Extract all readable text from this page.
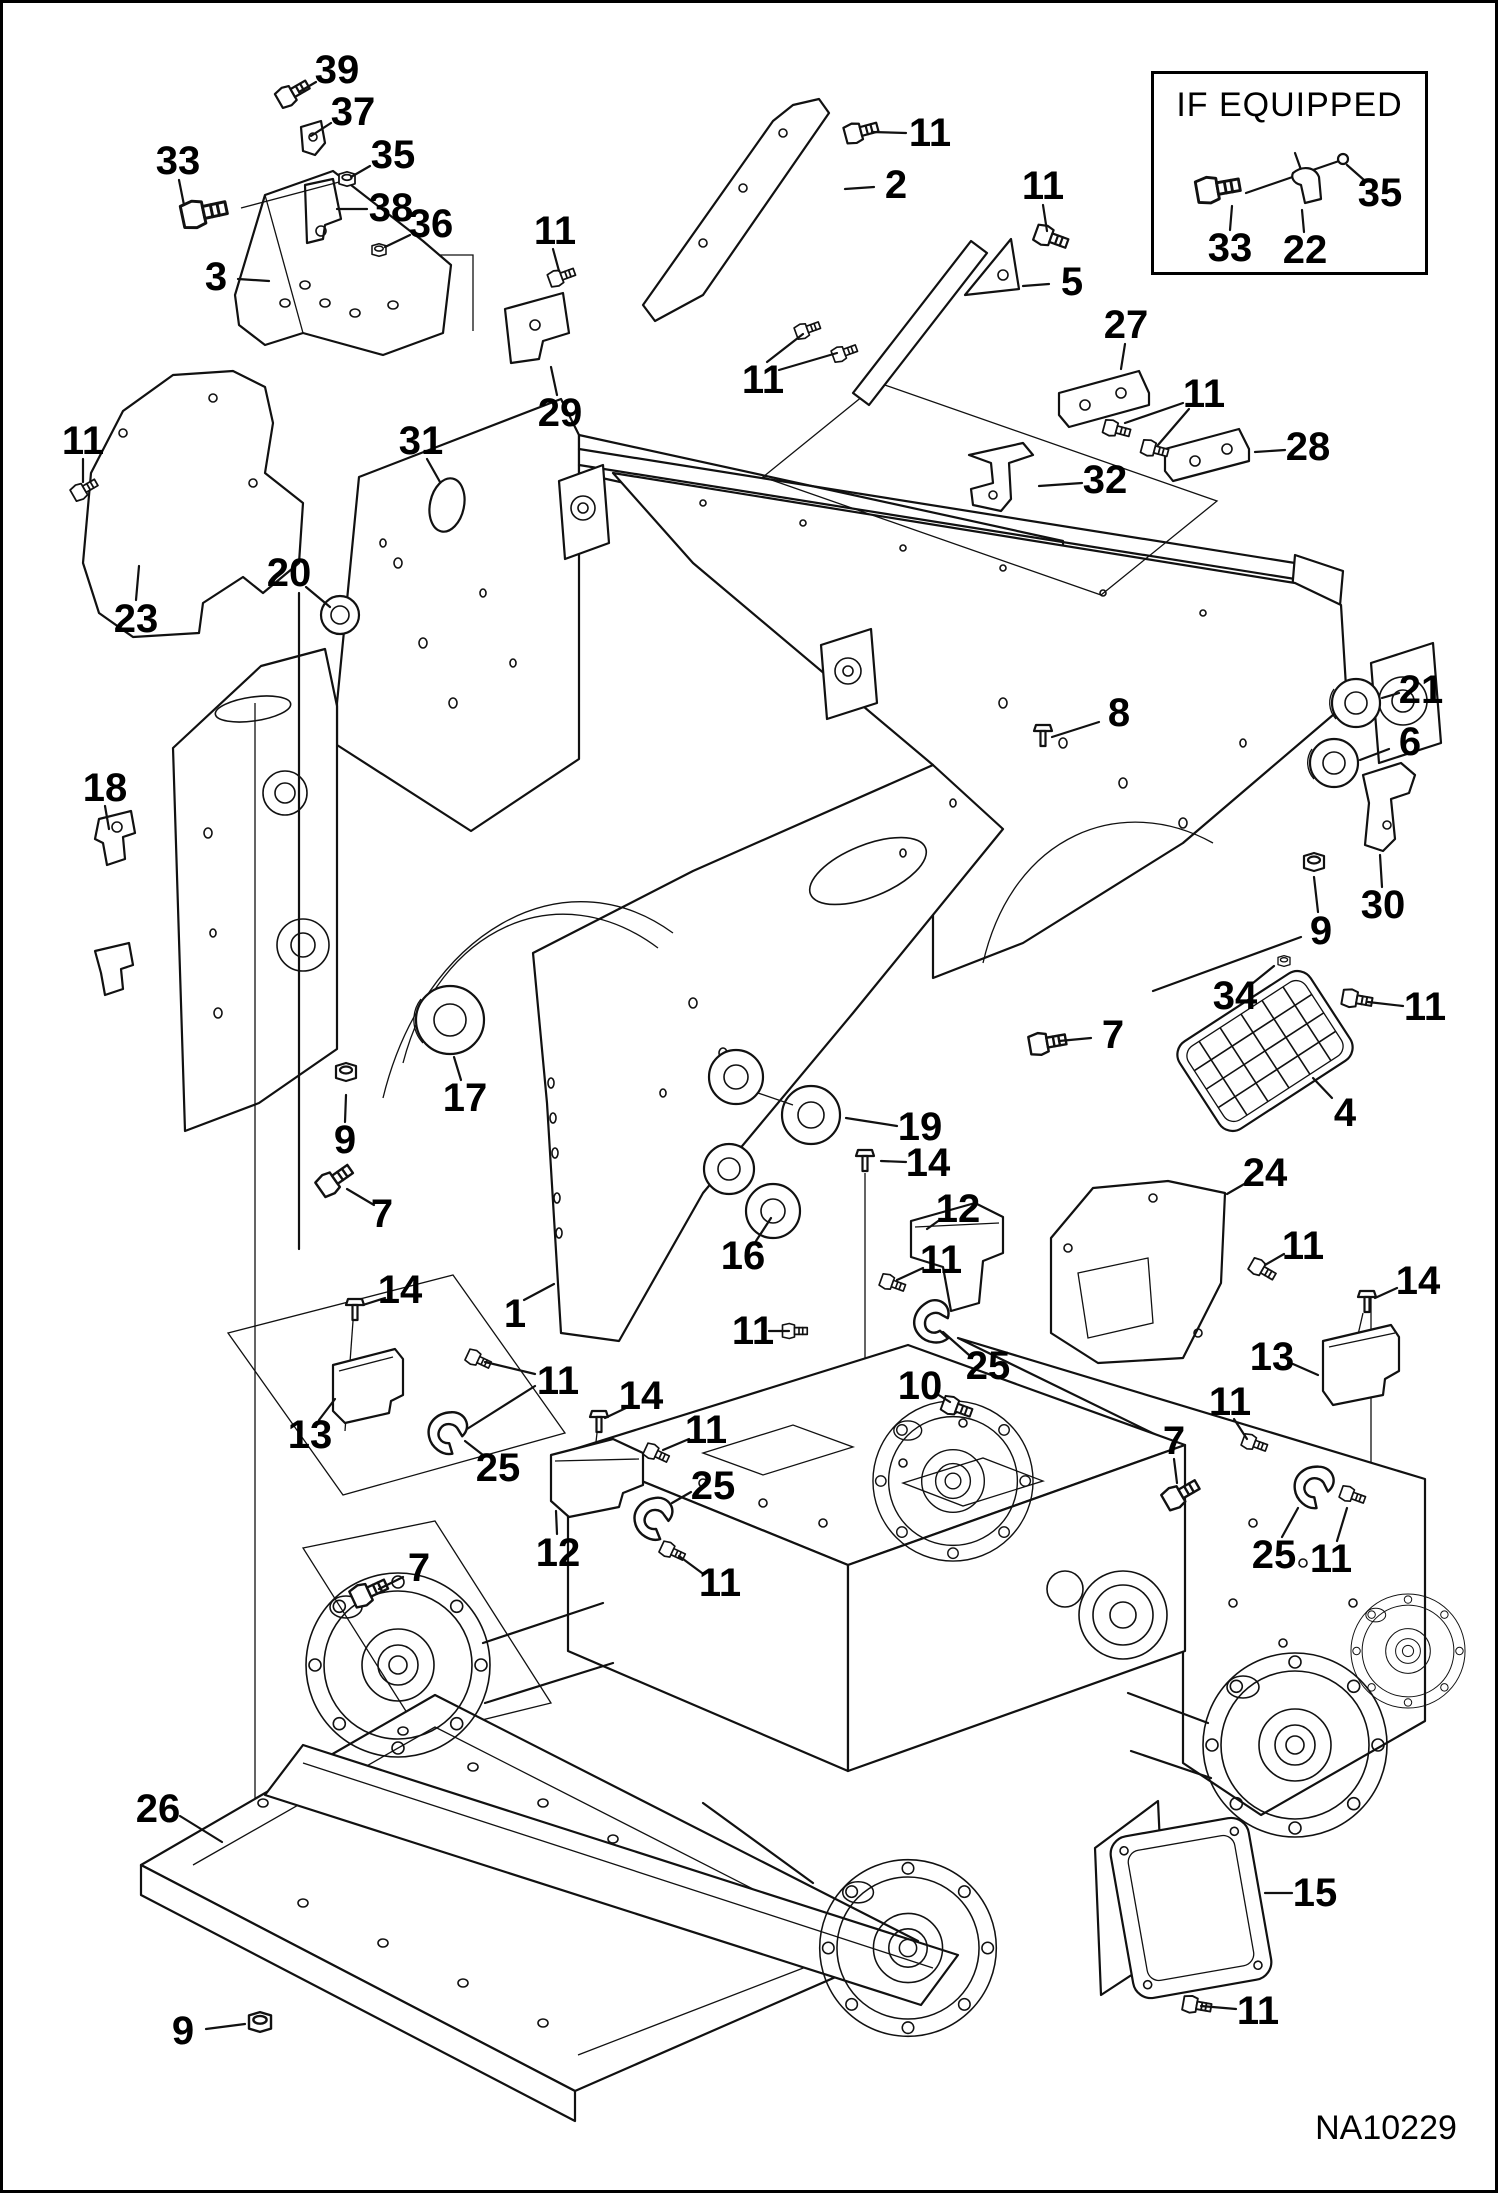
39
37
35
33
38
36 11
3
29
11
2	11
5
11
27
11
28
32
33 22
35
11
23
31
20
18
17
9
7
16
19
1
21
6
30
9
8
34	11
4
7
24
11
14
13
11
7
25 11
14
13
11
25
14
11
25
12
7	11
14
12
11
11
25
10
26
9
15
11
IF EQUIPPED
NA10229
